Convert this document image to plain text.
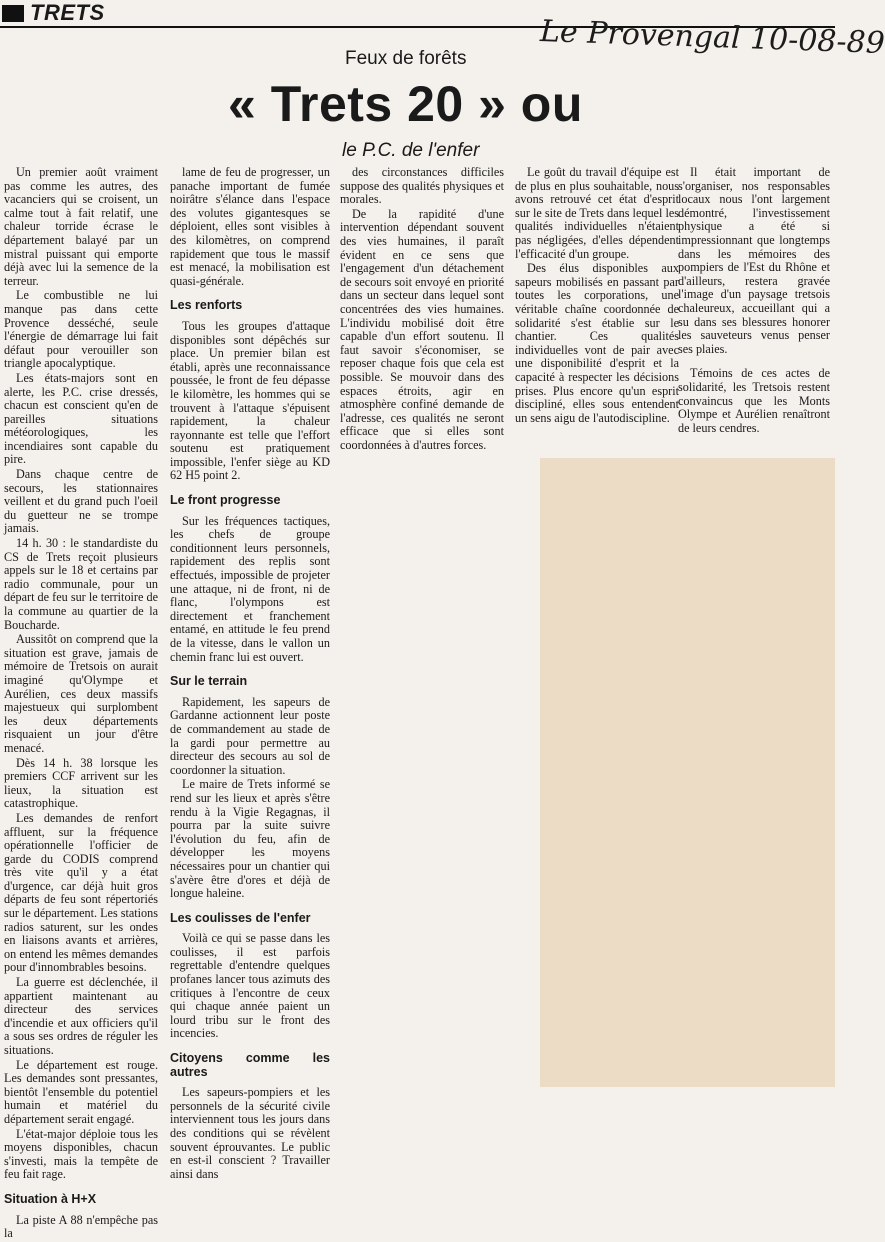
TRETS
Le Provengal 10-08-89
Feux de forêts
« Trets 20 » ou
le P.C. de l'enfer

Un premier août vraiment pas comme les autres, des vacanciers qui se croisent, un calme tout à fait relatif, une chaleur torride écrase le département balayé par un mistral puissant qui emporte déjà avec lui la semence de la terreur.

Le combustible ne lui manque pas dans cette Provence desséché, seule l'énergie de démarrage lui fait défaut pour verouiller son triangle apocalyptique.

Les états-majors sont en alerte, les P.C. crise dressés, chacun est conscient qu'en de pareilles situations météorologiques, les incendiaires sont capable du pire.

Dans chaque centre de secours, les stationnaires veillent et du grand puch l'oeil du guetteur ne se trompe jamais.

14 h. 30 : le standardiste du CS de Trets reçoit plusieurs appels sur le 18 et certains par radio communale, pour un départ de feu sur le territoire de la commune au quartier de la Boucharde.

Aussitôt on comprend que la situation est grave, jamais de mémoire de Tretsois on aurait imaginé qu'Olympe et Aurélien, ces deux massifs majestueux qui surplombent les deux départements risquaient un jour d'être menacé.

Dès 14 h. 38 lorsque les premiers CCF arrivent sur les lieux, la situation est catastrophique.

Les demandes de renfort affluent, sur la fréquence opérationnelle l'officier de garde du CODIS comprend très vite qu'il y a état d'urgence, car déjà huit gros départs de feu sont répertoriés sur le département. Les stations radios saturent, sur les ondes en liaisons avants et arrières, on entend les mêmes demandes pour d'innombrables besoins.

La guerre est déclenchée, il appartient maintenant au directeur des services d'incendie et aux officiers qu'il a sous ses ordres de réguler les situations.

Le département est rouge. Les demandes sont pressantes, bientôt l'ensemble du potentiel humain et matériel du département serait engagé.

L'état-major déploie tous les moyens disponibles, chacun s'investi, mais la tempête de feu fait rage.

Situation à H+X

La piste A 88 n'empêche pas la

lame de feu de progresser, un panache important de fumée noirâtre s'élance dans l'espace des volutes gigantesques se déploient, elles sont visibles à des kilomètres, on comprend rapidement que tous le massif est menacé, la mobilisation est quasi-générale.

Les renforts

Tous les groupes d'attaque disponibles sont dépêchés sur place. Un premier bilan est établi, après une reconnaissance poussée, le front de feu dépasse le kilomètre, les hommes qui se trouvent à l'attaque s'épuisent rapidement, la chaleur rayonnante est telle que l'effort soutenu est pratiquement impossible, l'enfer siège au KD 62 H5 point 2.

Le front progresse

Sur les fréquences tactiques, les chefs de groupe conditionnent leurs personnels, rapidement des replis sont effectués, impossible de projeter une attaque, ni de front, ni de flanc, l'olympons est directement et franchement entamé, en attitude le feu prend de la vitesse, dans le vallon un chemin franc lui est ouvert.

Sur le terrain

Rapidement, les sapeurs de Gardanne actionnent leur poste de commandement au stade de la gardi pour permettre au directeur des secours au sol de coordonner la situation.

Le maire de Trets informé se rend sur les lieux et après s'être rendu à la Vigie Regagnas, il pourra par la suite suivre l'évolution du feu, afin de développer les moyens nécessaires pour un chantier qui s'avère être d'ores et déjà de longue haleine.

Les coulisses de l'enfer

Voilà ce qui se passe dans les coulisses, il est parfois regrettable d'entendre quelques profanes lancer tous azimuts des critiques à l'encontre de ceux qui chaque année paient un lourd tribu sur le front des incencies.

Citoyens comme les autres

Les sapeurs-pompiers et les personnels de la sécurité civile interviennent tous les jours dans des conditions qui se révèlent souvent éprouvantes. Le public en est-il conscient ? Travailler ainsi dans

des circonstances difficiles suppose des qualités physiques et morales.

De la rapidité d'une intervention dépendant souvent des vies humaines, il paraît évident en ce sens que l'engagement d'un détachement de secours soit envoyé en priorité dans un secteur dans lequel sont concentrées des vies humaines. L'individu mobilisé doit être capable d'un effort soutenu. Il faut savoir s'économiser, se reposer chaque fois que cela est possible. Se mouvoir dans des espaces étroits, agir en atmosphère confiné demande de l'adresse, ces qualités ne seront efficace que si elles sont coordonnées à d'autres forces.

Le goût du travail d'équipe est de plus en plus souhaitable, nous avons retrouvé cet état d'esprit sur le site de Trets dans lequel les qualités individuelles n'étaient pas négligées, d'elles dépendent l'efficacité d'un groupe.

Des élus disponibles aux sapeurs mobilisés en passant par toutes les corporations, une véritable chaîne coordonnée de solidarité s'est établie sur le chantier. Ces qualités individuelles vont de pair avec une disponibilité d'esprit et la capacité à respecter les décisions prises. Plus encore qu'un esprit discipliné, elles sous entendent un sens aigu de l'autodiscipline.

Il était important de s'organiser, nos responsables locaux nous l'ont largement démontré, l'investissement physique a été si impressionnant que longtemps dans les mémoires des pompiers de l'Est du Rhône et d'ailleurs, restera gravée l'image d'un paysage tretsois chaleureux, accueillant qui a su dans ses blessures honorer les sauveteurs venus penser ses plaies.

Témoins de ces actes de solidarité, les Tretsois restent convaincus que les Monts Olympe et Aurélien renaîtront de leurs cendres.
